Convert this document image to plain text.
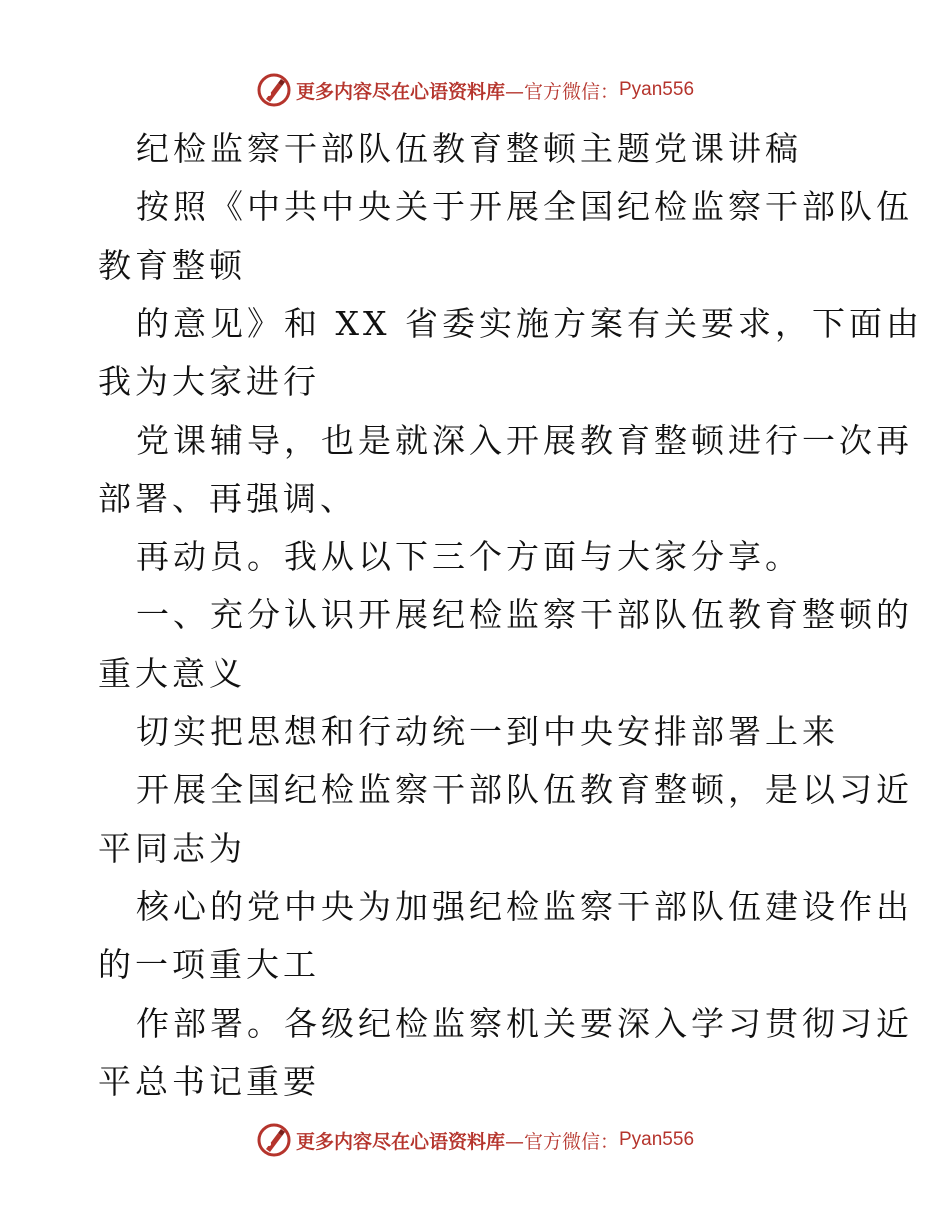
更多内容尽在心语资料库 —官方微信： Pyan556
纪检监察干部队伍教育整顿主题党课讲稿
按照《中共中央关于开展全国纪检监察干部队伍
教育整顿
的意见》和 XX 省委实施方案有关要求，下面由
我为大家进行
党课辅导，也是就深入开展教育整顿进行一次再
部署、再强调、
再动员。我从以下三个方面与大家分享。
一、充分认识开展纪检监察干部队伍教育整顿的
重大意义
切实把思想和行动统一到中央安排部署上来
开展全国纪检监察干部队伍教育整顿，是以习近
平同志为
核心的党中央为加强纪检监察干部队伍建设作出
的一项重大工
作部署。各级纪检监察机关要深入学习贯彻习近
平总书记重要
更多内容尽在心语资料库 —官方微信： Pyan556
